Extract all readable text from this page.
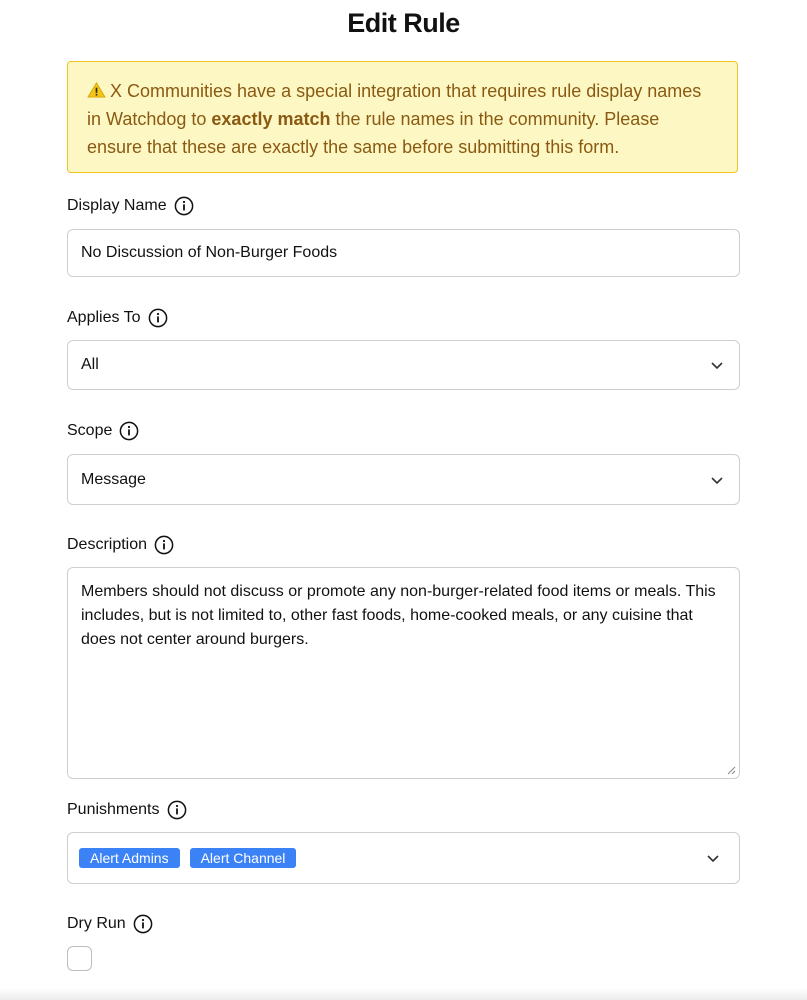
Edit Rule
X Communities have a special integration that requires rule display names in Watchdog to exactly match the rule names in the community. Please ensure that these are exactly the same before submitting this form.
Display Name
No Discussion of Non-Burger Foods
Applies To
All
Scope
Message
Description
Members should not discuss or promote any non-burger-related food items or meals. This includes, but is not limited to, other fast foods, home-cooked meals, or any cuisine that does not center around burgers.
Punishments
Alert Admins	Alert Channel
Dry Run
